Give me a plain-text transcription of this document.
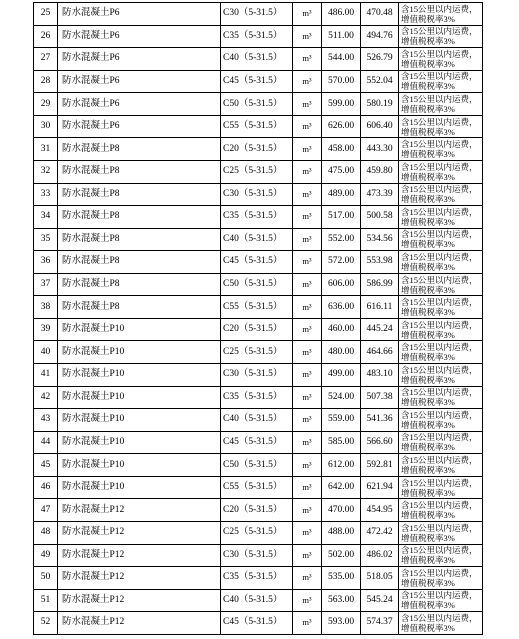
25	防水混凝土P6	C30（5-31.5）	m³	486.00	470.48	含15公里以内运费，
增值税税率3%

26	防水混凝土P6	C35（5-31.5）	m³	511.00	494.76	含15公里以内运费，
增值税税率3%

27	防水混凝土P6	C40（5-31.5）	m³	544.00	526.79	含15公里以内运费，
增值税税率3%

28	防水混凝土P6	C45（5-31.5）	m³	570.00	552.04	含15公里以内运费，
增值税税率3%

29	防水混凝土P6	C50（5-31.5）	m³	599.00	580.19	含15公里以内运费，
增值税税率3%

30	防水混凝土P6	C55（5-31.5）	m³	626.00	606.40	含15公里以内运费，
增值税税率3%

31	防水混凝土P8	C20（5-31.5）	m³	458.00	443.30	含15公里以内运费，
增值税税率3%

32	防水混凝土P8	C25（5-31.5）	m³	475.00	459.80	含15公里以内运费，
增值税税率3%

33	防水混凝土P8	C30（5-31.5）	m³	489.00	473.39	含15公里以内运费，
增值税税率3%

34	防水混凝土P8	C35（5-31.5）	m³	517.00	500.58	含15公里以内运费，
增值税税率3%

35	防水混凝土P8	C40（5-31.5）	m³	552.00	534.56	含15公里以内运费，
增值税税率3%

36	防水混凝土P8	C45（5-31.5）	m³	572.00	553.98	含15公里以内运费，
增值税税率3%

37	防水混凝土P8	C50（5-31.5）	m³	606.00	586.99	含15公里以内运费，
增值税税率3%

38	防水混凝土P8	C55（5-31.5）	m³	636.00	616.11	含15公里以内运费，
增值税税率3%

39	防水混凝土P10	C20（5-31.5）	m³	460.00	445.24	含15公里以内运费，
增值税税率3%

40	防水混凝土P10	C25（5-31.5）	m³	480.00	464.66	含15公里以内运费，
增值税税率3%

41	防水混凝土P10	C30（5-31.5）	m³	499.00	483.10	含15公里以内运费，
增值税税率3%

42	防水混凝土P10	C35（5-31.5）	m³	524.00	507.38	含15公里以内运费，
增值税税率3%

43	防水混凝土P10	C40（5-31.5）	m³	559.00	541.36	含15公里以内运费，
增值税税率3%

44	防水混凝土P10	C45（5-31.5）	m³	585.00	566.60	含15公里以内运费，
增值税税率3%

45	防水混凝土P10	C50（5-31.5）	m³	612.00	592.81	含15公里以内运费，
增值税税率3%

46	防水混凝土P10	C55（5-31.5）	m³	642.00	621.94	含15公里以内运费，
增值税税率3%

47	防水混凝土P12	C20（5-31.5）	m³	470.00	454.95	含15公里以内运费，
增值税税率3%

48	防水混凝土P12	C25（5-31.5）	m³	488.00	472.42	含15公里以内运费，
增值税税率3%

49	防水混凝土P12	C30（5-31.5）	m³	502.00	486.02	含15公里以内运费，
增值税税率3%

50	防水混凝土P12	C35（5-31.5）	m³	535.00	518.05	含15公里以内运费，
增值税税率3%

51	防水混凝土P12	C40（5-31.5）	m³	563.00	545.24	含15公里以内运费，
增值税税率3%

52	防水混凝土P12	C45（5-31.5）	m³	593.00	574.37	含15公里以内运费，
增值税税率3%
